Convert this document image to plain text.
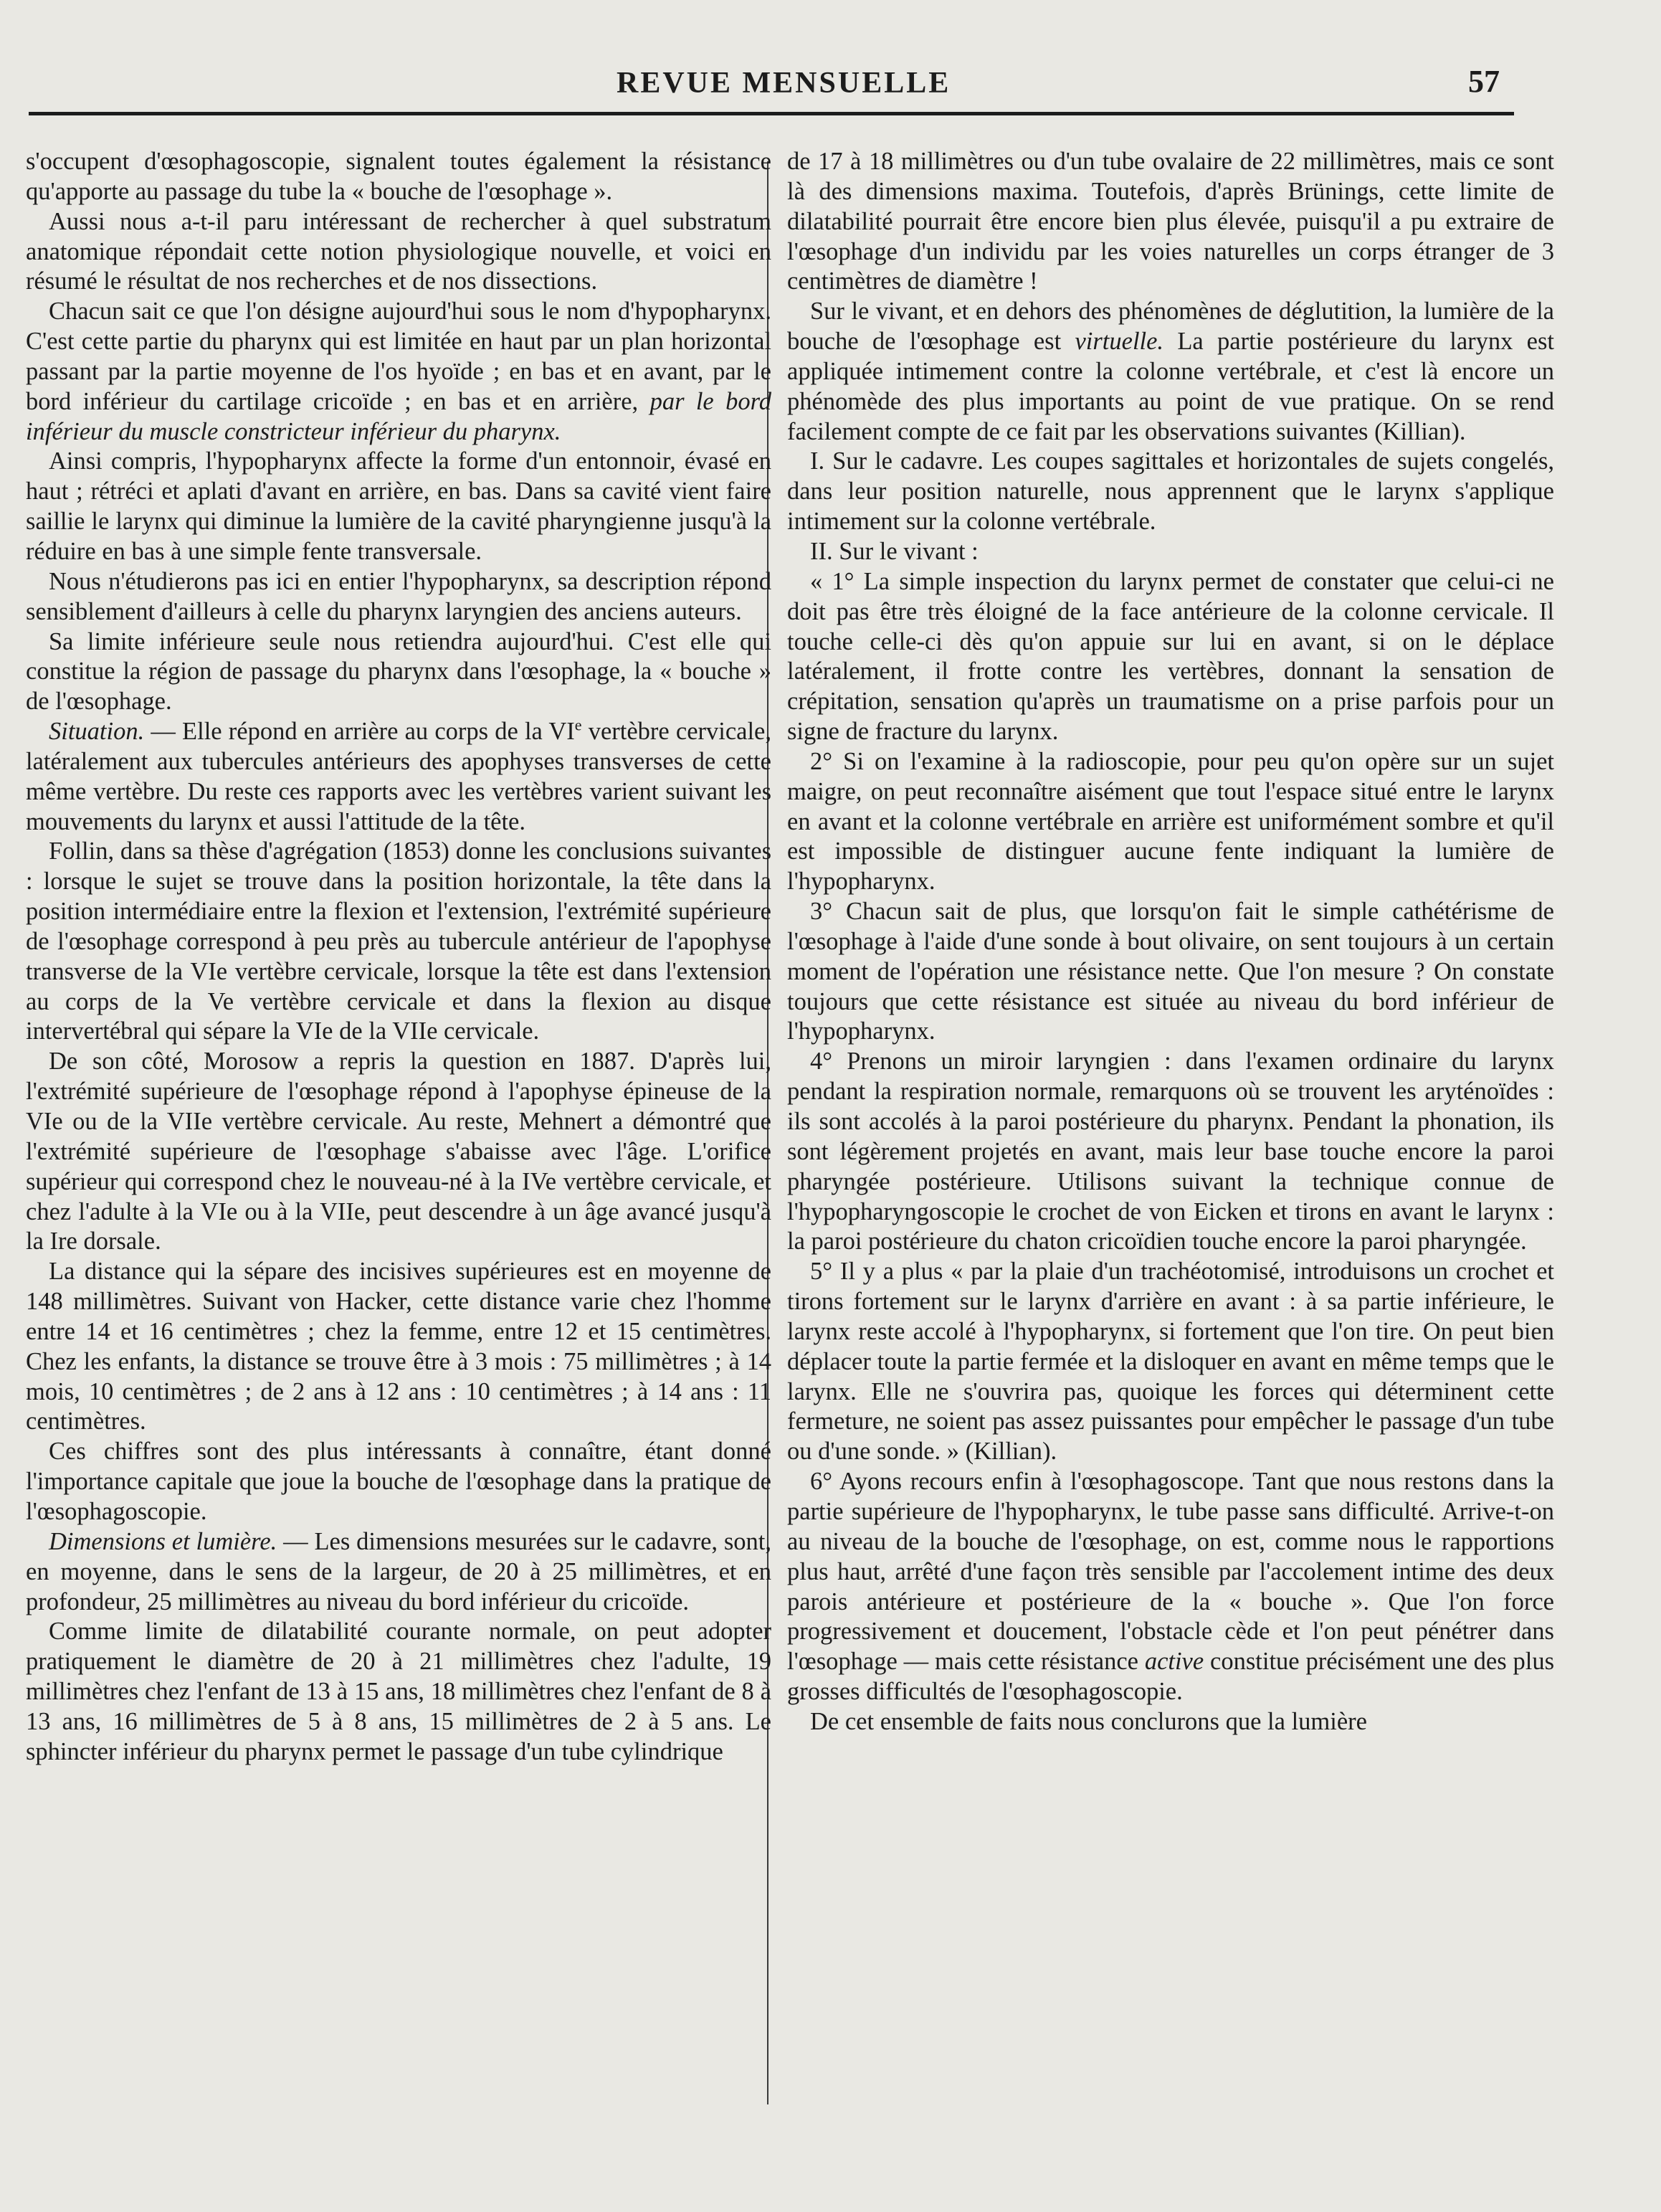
REVUE MENSUELLE	57

s'occupent d'œsophagoscopie, signalent toutes également la résistance qu'apporte au passage du tube la « bouche de l'œsophage ».

Aussi nous a-t-il paru intéressant de rechercher à quel substratum anatomique répondait cette notion physiologique nouvelle, et voici en résumé le résultat de nos recherches et de nos dissections.

Chacun sait ce que l'on désigne aujourd'hui sous le nom d'hypopharynx. C'est cette partie du pharynx qui est limitée en haut par un plan horizontal passant par la partie moyenne de l'os hyoïde ; en bas et en avant, par le bord inférieur du cartilage cricoïde ; en bas et en arrière, par le bord inférieur du muscle constricteur inférieur du pharynx.

Ainsi compris, l'hypopharynx affecte la forme d'un entonnoir, évasé en haut ; rétréci et aplati d'avant en arrière, en bas. Dans sa cavité vient faire saillie le larynx qui diminue la lumière de la cavité pharyngienne jusqu'à la réduire en bas à une simple fente transversale.

Nous n'étudierons pas ici en entier l'hypopharynx, sa description répond sensiblement d'ailleurs à celle du pharynx laryngien des anciens auteurs.

Sa limite inférieure seule nous retiendra aujourd'hui. C'est elle qui constitue la région de passage du pharynx dans l'œsophage, la « bouche » de l'œsophage.

Situation. — Elle répond en arrière au corps de la VIe vertèbre cervicale, latéralement aux tubercules antérieurs des apophyses transverses de cette même vertèbre. Du reste ces rapports avec les vertèbres varient suivant les mouvements du larynx et aussi l'attitude de la tête.

Follin, dans sa thèse d'agrégation (1853) donne les conclusions suivantes : lorsque le sujet se trouve dans la position horizontale, la tête dans la position intermédiaire entre la flexion et l'extension, l'extrémité supérieure de l'œsophage correspond à peu près au tubercule antérieur de l'apophyse transverse de la VIe vertèbre cervicale, lorsque la tête est dans l'extension au corps de la Ve vertèbre cervicale et dans la flexion au disque intervertébral qui sépare la VIe de la VIIe cervicale.

De son côté, Morosow a repris la question en 1887. D'après lui, l'extrémité supérieure de l'œsophage répond à l'apophyse épineuse de la VIe ou de la VIIe vertèbre cervicale. Au reste, Mehnert a démontré que l'extrémité supérieure de l'œsophage s'abaisse avec l'âge. L'orifice supérieur qui correspond chez le nouveau-né à la IVe vertèbre cervicale, et chez l'adulte à la VIe ou à la VIIe, peut descendre à un âge avancé jusqu'à la Ire dorsale.

La distance qui la sépare des incisives supérieures est en moyenne de 148 millimètres. Suivant von Hacker, cette distance varie chez l'homme entre 14 et 16 centimètres ; chez la femme, entre 12 et 15 centimètres. Chez les enfants, la distance se trouve être à 3 mois : 75 millimètres ; à 14 mois, 10 centimètres ; de 2 ans à 12 ans : 10 centimètres ; à 14 ans : 11 centimètres.

Ces chiffres sont des plus intéressants à connaître, étant donné l'importance capitale que joue la bouche de l'œsophage dans la pratique de l'œsophagoscopie.

Dimensions et lumière. — Les dimensions mesurées sur le cadavre, sont, en moyenne, dans le sens de la largeur, de 20 à 25 millimètres, et en profondeur, 25 millimètres au niveau du bord inférieur du cricoïde.

Comme limite de dilatabilité courante normale, on peut adopter pratiquement le diamètre de 20 à 21 millimètres chez l'adulte, 19 millimètres chez l'enfant de 13 à 15 ans, 18 millimètres chez l'enfant de 8 à 13 ans, 16 millimètres de 5 à 8 ans, 15 millimètres de 2 à 5 ans. Le sphincter inférieur du pharynx permet le passage d'un tube cylindrique

de 17 à 18 millimètres ou d'un tube ovalaire de 22 millimètres, mais ce sont là des dimensions maxima. Toutefois, d'après Brünings, cette limite de dilatabilité pourrait être encore bien plus élevée, puisqu'il a pu extraire de l'œsophage d'un individu par les voies naturelles un corps étranger de 3 centimètres de diamètre !

Sur le vivant, et en dehors des phénomènes de déglutition, la lumière de la bouche de l'œsophage est virtuelle. La partie postérieure du larynx est appliquée intimement contre la colonne vertébrale, et c'est là encore un phénomède des plus importants au point de vue pratique. On se rend facilement compte de ce fait par les observations suivantes (Killian).

I. Sur le cadavre. Les coupes sagittales et horizontales de sujets congelés, dans leur position naturelle, nous apprennent que le larynx s'applique intimement sur la colonne vertébrale.

II. Sur le vivant :

« 1° La simple inspection du larynx permet de constater que celui-ci ne doit pas être très éloigné de la face antérieure de la colonne cervicale. Il touche celle-ci dès qu'on appuie sur lui en avant, si on le déplace latéralement, il frotte contre les vertèbres, donnant la sensation de crépitation, sensation qu'après un traumatisme on a prise parfois pour un signe de fracture du larynx.

2° Si on l'examine à la radioscopie, pour peu qu'on opère sur un sujet maigre, on peut reconnaître aisément que tout l'espace situé entre le larynx en avant et la colonne vertébrale en arrière est uniformément sombre et qu'il est impossible de distinguer aucune fente indiquant la lumière de l'hypopharynx.

3° Chacun sait de plus, que lorsqu'on fait le simple cathétérisme de l'œsophage à l'aide d'une sonde à bout olivaire, on sent toujours à un certain moment de l'opération une résistance nette. Que l'on mesure ? On constate toujours que cette résistance est située au niveau du bord inférieur de l'hypopharynx.

4° Prenons un miroir laryngien : dans l'examen ordinaire du larynx pendant la respiration normale, remarquons où se trouvent les aryténoïdes : ils sont accolés à la paroi postérieure du pharynx. Pendant la phonation, ils sont légèrement projetés en avant, mais leur base touche encore la paroi pharyngée postérieure. Utilisons suivant la technique connue de l'hypopharyngoscopie le crochet de von Eicken et tirons en avant le larynx : la paroi postérieure du chaton cricoïdien touche encore la paroi pharyngée.

5° Il y a plus « par la plaie d'un trachéotomisé, introduisons un crochet et tirons fortement sur le larynx d'arrière en avant : à sa partie inférieure, le larynx reste accolé à l'hypopharynx, si fortement que l'on tire. On peut bien déplacer toute la partie fermée et la disloquer en avant en même temps que le larynx. Elle ne s'ouvrira pas, quoique les forces qui déterminent cette fermeture, ne soient pas assez puissantes pour empêcher le passage d'un tube ou d'une sonde. » (Killian).

6° Ayons recours enfin à l'œsophagoscope. Tant que nous restons dans la partie supérieure de l'hypopharynx, le tube passe sans difficulté. Arrive-t-on au niveau de la bouche de l'œsophage, on est, comme nous le rapportions plus haut, arrêté d'une façon très sensible par l'accolement intime des deux parois antérieure et postérieure de la « bouche ». Que l'on force progressivement et doucement, l'obstacle cède et l'on peut pénétrer dans l'œsophage — mais cette résistance active constitue précisément une des plus grosses difficultés de l'œsophagoscopie.

De cet ensemble de faits nous conclurons que la lumière
